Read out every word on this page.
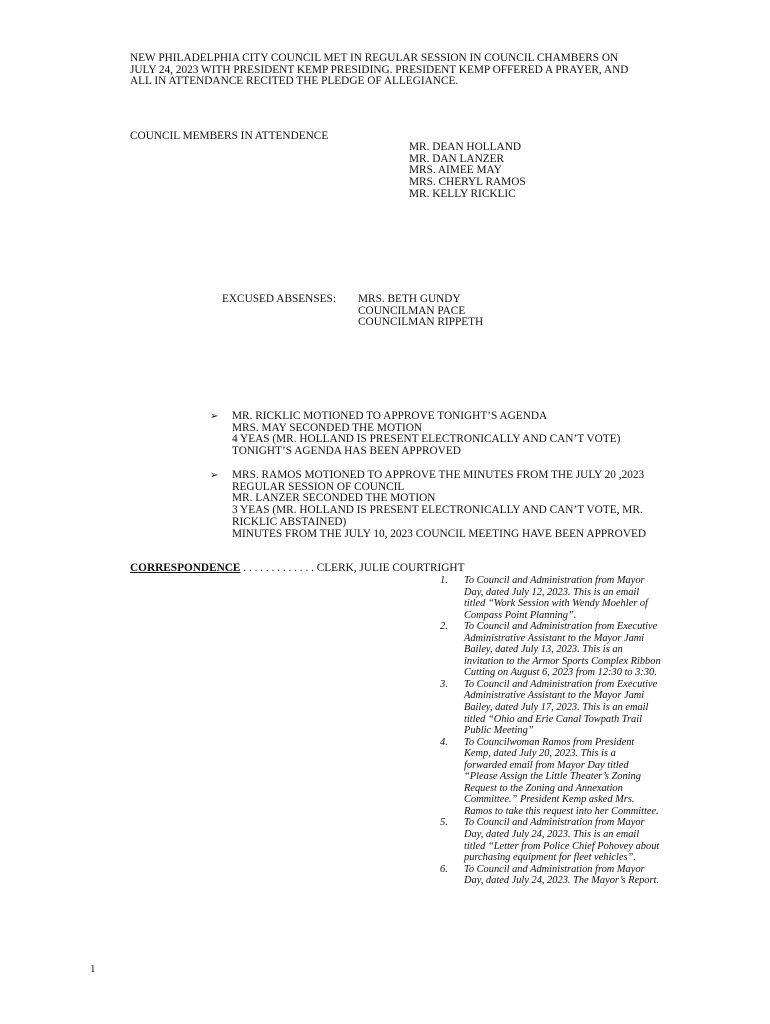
NEW PHILADELPHIA CITY COUNCIL MET IN REGULAR SESSION IN COUNCIL CHAMBERS ON
JULY 24, 2023 WITH PRESIDENT KEMP PRESIDING. PRESIDENT KEMP OFFERED A PRAYER, AND
ALL IN ATTENDANCE RECITED THE PLEDGE OF ALLEGIANCE.
COUNCIL MEMBERS IN ATTENDENCE
MR. DEAN HOLLAND
MR. DAN LANZER
MRS. AIMEE MAY
MRS. CHERYL RAMOS
MR. KELLY RICKLIC
EXCUSED ABSENSES: MRS. BETH GUNDY
COUNCILMAN PACE
COUNCILMAN RIPPETH
➢ MR. RICKLIC MOTIONED TO APPROVE TONIGHT’S AGENDA
MRS. MAY SECONDED THE MOTION
4 YEAS (MR. HOLLAND IS PRESENT ELECTRONICALLY AND CAN’T VOTE)
TONIGHT’S AGENDA HAS BEEN APPROVED
➢ MRS. RAMOS MOTIONED TO APPROVE THE MINUTES FROM THE JULY 20 ,2023
REGULAR SESSION OF COUNCIL
MR. LANZER SECONDED THE MOTION
3 YEAS (MR. HOLLAND IS PRESENT ELECTRONICALLY AND CAN’T VOTE, MR.
RICKLIC ABSTAINED)
MINUTES FROM THE JULY 10, 2023 COUNCIL MEETING HAVE BEEN APPROVED
CORRESPONDENCE . . . . . . . . . . . . . CLERK, JULIE COURTRIGHT
1. To Council and Administration from Mayor
Day, dated July 12, 2023. This is an email
titled “Work Session with Wendy Moehler of
Compass Point Planning”.
2. To Council and Administration from Executive
Administrative Assistant to the Mayor Jami
Bailey, dated July 13, 2023. This is an
invitation to the Armor Sports Complex Ribbon
Cutting on August 6, 2023 from 12:30 to 3:30.
3. To Council and Administration from Executive
Administrative Assistant to the Mayor Jami
Bailey, dated July 17, 2023. This is an email
titled “Ohio and Erie Canal Towpath Trail
Public Meeting”
4. To Councilwoman Ramos from President
Kemp, dated July 20, 2023. This is a
forwarded email from Mayor Day titled
“Please Assign the Little Theater’s Zoning
Request to the Zoning and Annexation
Committee.” President Kemp asked Mrs.
Ramos to take this request into her Committee.
5. To Council and Administration from Mayor
Day, dated July 24, 2023. This is an email
titled “Letter from Police Chief Pohovey about
purchasing equipment for fleet vehicles”.
6. To Council and Administration from Mayor
Day, dated July 24, 2023. The Mayor’s Report.
1
